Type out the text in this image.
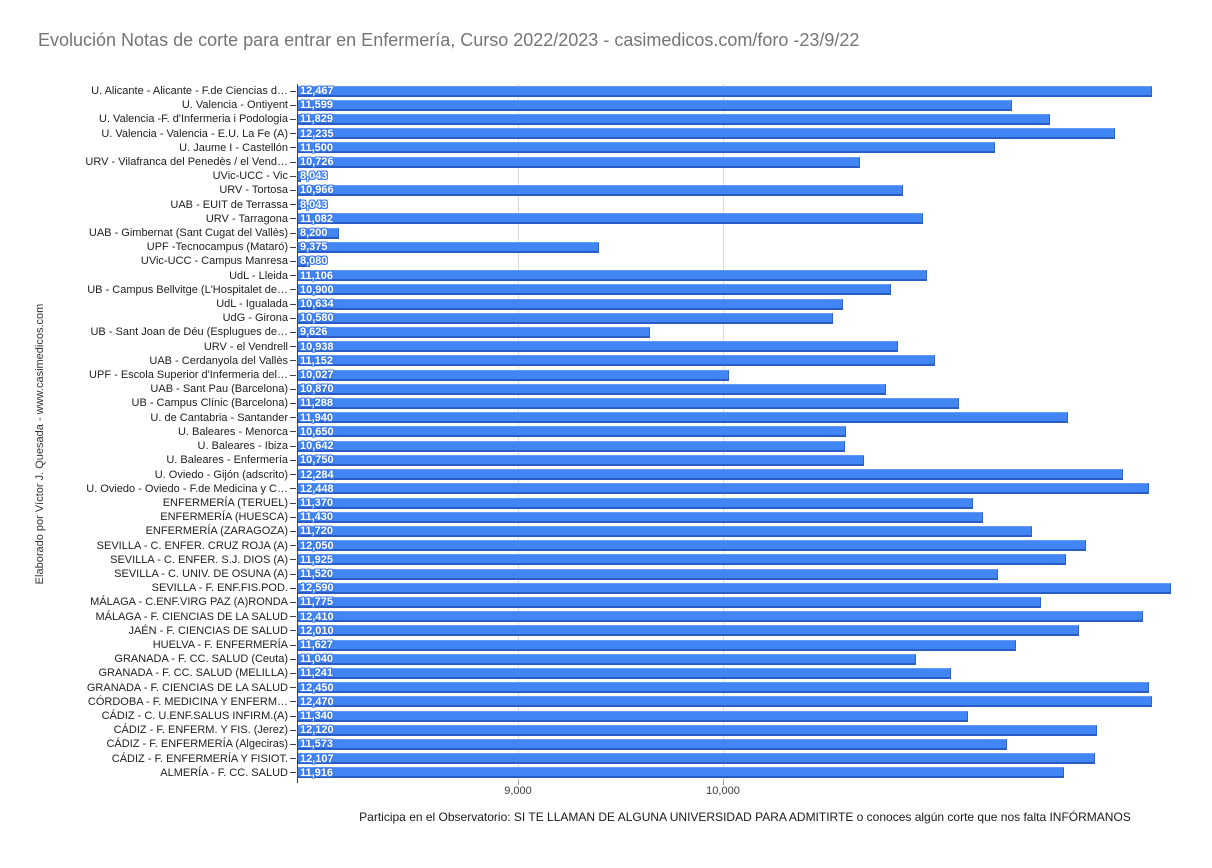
Evolución Notas de corte para entrar en Enfermería, Curso 2022/2023 - casimedicos.com/foro -23/9/22
Elaborado por Víctor J. Quesada - www.casimedicos.com
U. Alicante - Alicante - F.de Ciencias d… 12,467
U. Valencia - Ontiyent 11,599
U. Valencia -F. d'Infermeria i Podologia 11,829
U. Valencia - Valencia - E.U. La Fe (A) 12,235
U. Jaume I - Castellón 11,500
URV - Vilafranca del Penedès / el Vend… 10,726
UVic-UCC - Vic 8,043
URV - Tortosa 10,966
UAB - EUIT de Terrassa 8,043
URV - Tarragona 11,082
UAB - Gimbernat (Sant Cugat del Vallès) 8,200
UPF -Tecnocampus (Mataró) 9,375
UVic-UCC - Campus Manresa 8,080
UdL - Lleida 11,106
UB - Campus Bellvitge (L'Hospitalet de… 10,900
UdL - Igualada 10,634
UdG - Girona 10,580
UB - Sant Joan de Déu (Esplugues de… 9,626
URV - el Vendrell 10,938
UAB - Cerdanyola del Vallès 11,152
UPF - Escola Superior d'Infermeria del… 10,027
UAB - Sant Pau (Barcelona) 10,870
UB - Campus Clínic (Barcelona) 11,288
U. de Cantabria - Santander 11,940
U. Baleares - Menorca 10,650
U. Baleares - Ibiza 10,642
U. Baleares - Enfermería 10,750
U. Oviedo - Gijón (adscrito) 12,284
U. Oviedo - Oviedo - F.de Medicina y C… 12,448
ENFERMERÍA (TERUEL) 11,370
ENFERMERÍA (HUESCA) 11,430
ENFERMERÍA (ZARAGOZA) 11,720
SEVILLA - C. ENFER. CRUZ ROJA (A) 12,050
SEVILLA - C. ENFER. S.J. DIOS (A) 11,925
SEVILLA - C. UNIV. DE OSUNA (A) 11,520
SEVILLA - F. ENF.FIS.POD. 12,590
MÁLAGA - C.ENF.VIRG PAZ (A)RONDA 11,775
MÁLAGA - F. CIENCIAS DE LA SALUD 12,410
JAÉN - F. CIENCIAS DE SALUD 12,010
HUELVA - F. ENFERMERÍA 11,627
GRANADA - F. CC. SALUD (Ceuta) 11,040
GRANADA - F. CC. SALUD (MELILLA) 11,241
GRANADA - F. CIENCIAS DE LA SALUD 12,450
CÓRDOBA - F. MEDICINA Y ENFERM… 12,470
CÁDIZ - C. U.ENF.SALUS INFIRM.(A) 11,340
CÁDIZ - F. ENFERM. Y FIS. (Jerez) 12,120
CÁDIZ - F. ENFERMERÍA (Algeciras) 11,573
CÁDIZ - F. ENFERMERÍA Y FISIOT. 12,107
ALMERÍA - F. CC. SALUD 11,916
9,000	10,000
Participa en el Observatorio: SI TE LLAMAN DE ALGUNA UNIVERSIDAD PARA ADMITIRTE o conoces algún corte que nos falta INFÓRMANOS
